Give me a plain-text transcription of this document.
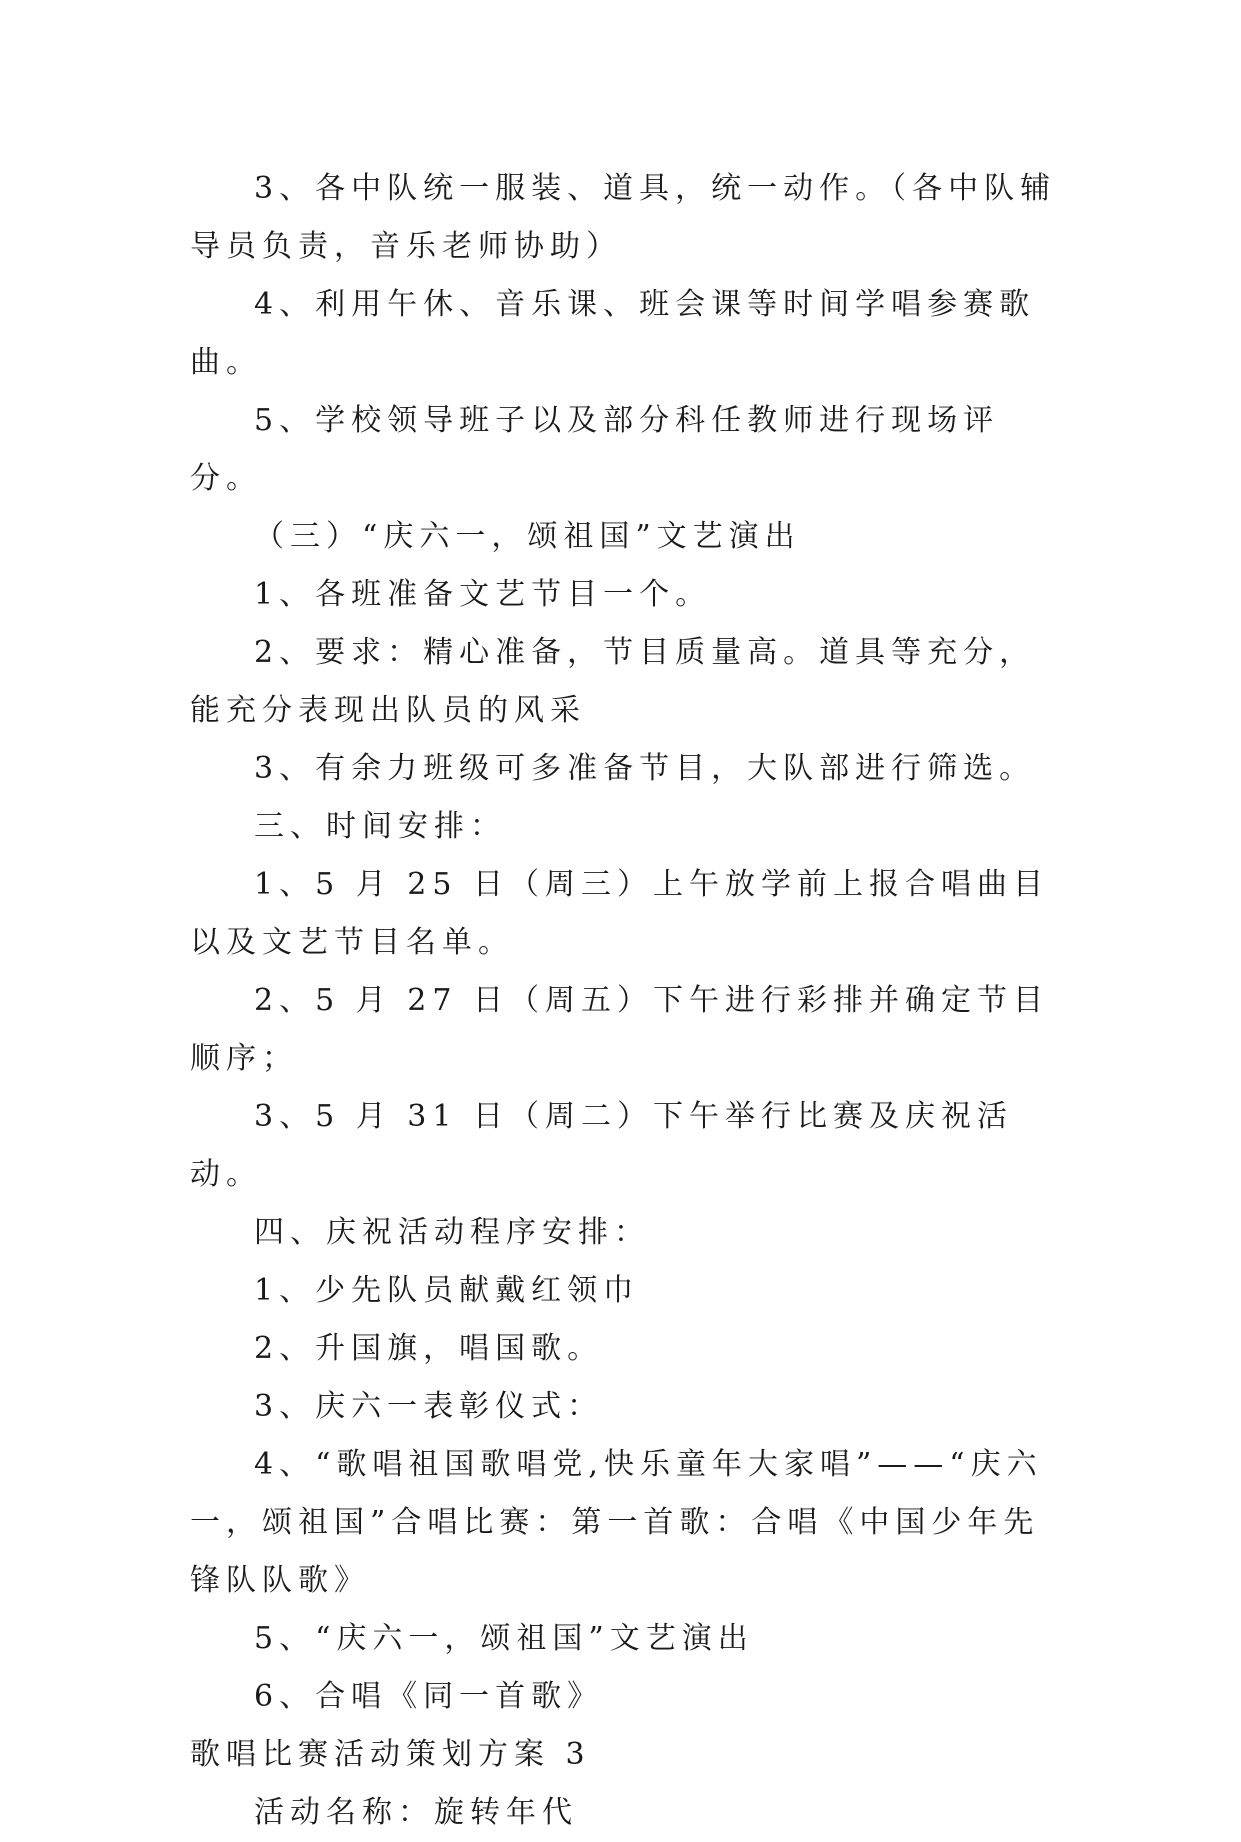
3、各中队统一服装、道具，统一动作。（各中队辅导员负责，音乐老师协助）

4、利用午休、音乐课、班会课等时间学唱参赛歌曲。

5、学校领导班子以及部分科任教师进行现场评分。

（三）“庆六一，颂祖国”文艺演出

1、各班准备文艺节目一个。

2、要求：精心准备，节目质量高。道具等充分，能充分表现出队员的风采

3、有余力班级可多准备节目，大队部进行筛选。

三、时间安排：

1、5 月 25 日（周三）上午放学前上报合唱曲目以及文艺节目名单。

2、5 月 27 日（周五）下午进行彩排并确定节目顺序；

3、5 月 31 日（周二）下午举行比赛及庆祝活动。

四、庆祝活动程序安排：

1、少先队员献戴红领巾

2、升国旗，唱国歌。

3、庆六一表彰仪式：

4、“歌唱祖国歌唱党,快乐童年大家唱”——“庆六一，颂祖国”合唱比赛：第一首歌：合唱《中国少年先锋队队歌》

5、“庆六一，颂祖国”文艺演出

6、合唱《同一首歌》

歌唱比赛活动策划方案 3

活动名称：旋转年代
